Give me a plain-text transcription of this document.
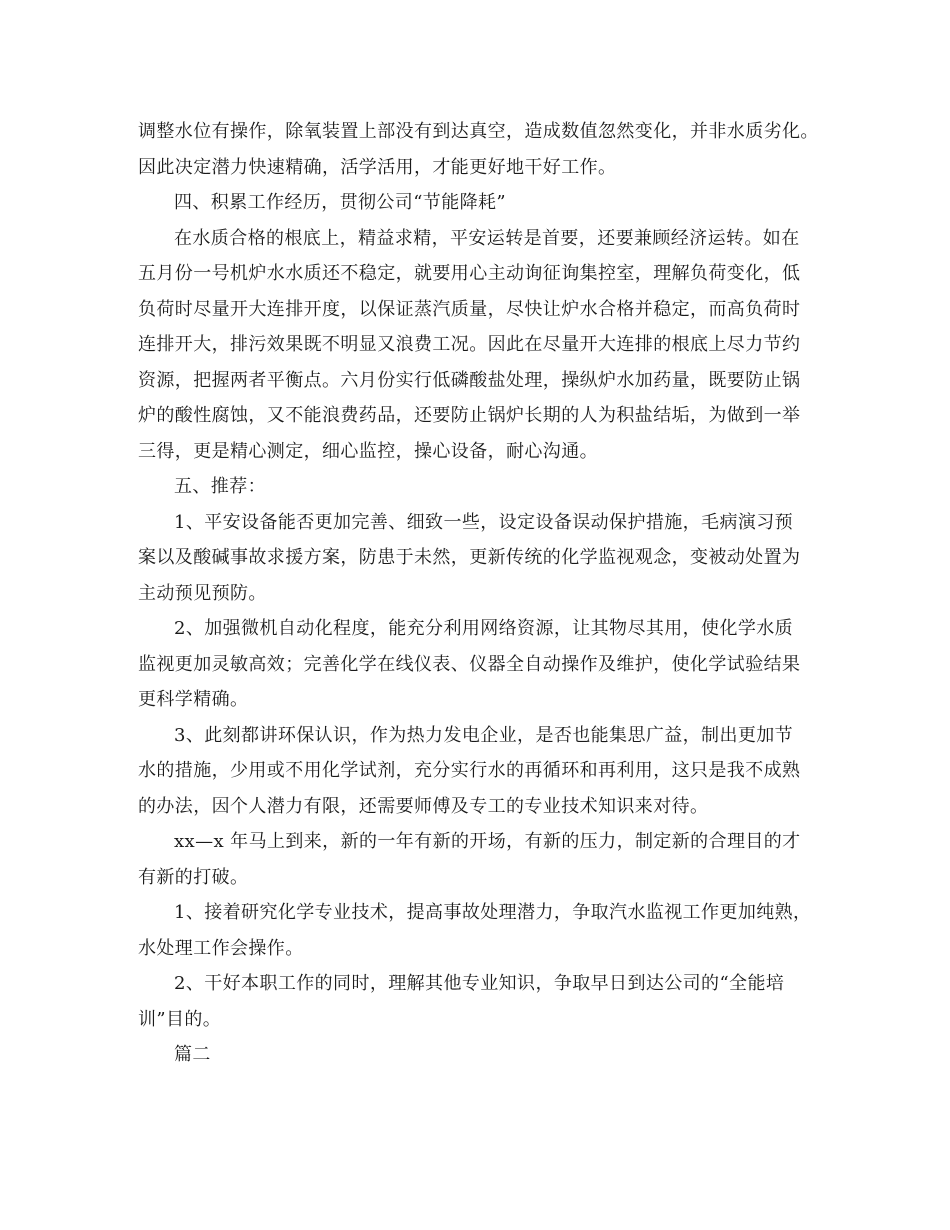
调整水位有操作，除氧装置上部没有到达真空，造成数值忽然变化，并非水质劣化。
因此决定潜力快速精确，活学活用，才能更好地干好工作。
四、积累工作经历，贯彻公司“节能降耗”
在水质合格的根底上，精益求精，平安运转是首要，还要兼顾经济运转。如在
五月份一号机炉水水质还不稳定，就要用心主动询征询集控室，理解负荷变化，低
负荷时尽量开大连排开度，以保证蒸汽质量，尽快让炉水合格并稳定，而高负荷时
连排开大，排污效果既不明显又浪费工况。因此在尽量开大连排的根底上尽力节约
资源，把握两者平衡点。六月份实行低磷酸盐处理，操纵炉水加药量，既要防止锅
炉的酸性腐蚀，又不能浪费药品，还要防止锅炉长期的人为积盐结垢，为做到一举
三得，更是精心测定，细心监控，操心设备，耐心沟通。
五、推荐：
1、平安设备能否更加完善、细致一些，设定设备误动保护措施，毛病演习预
案以及酸碱事故求援方案，防患于未然，更新传统的化学监视观念，变被动处置为
主动预见预防。
2、加强微机自动化程度，能充分利用网络资源，让其物尽其用，使化学水质
监视更加灵敏高效；完善化学在线仪表、仪器全自动操作及维护，使化学试验结果
更科学精确。
3、此刻都讲环保认识，作为热力发电企业，是否也能集思广益，制出更加节
水的措施，少用或不用化学试剂，充分实行水的再循环和再利用，这只是我不成熟
的办法，因个人潜力有限，还需要师傅及专工的专业技术知识来对待。
xx—x 年马上到来，新的一年有新的开场，有新的压力，制定新的合理目的才
有新的打破。
1、接着研究化学专业技术，提高事故处理潜力，争取汽水监视工作更加纯熟，
水处理工作会操作。
2、干好本职工作的同时，理解其他专业知识，争取早日到达公司的“全能培
训”目的。
篇二
